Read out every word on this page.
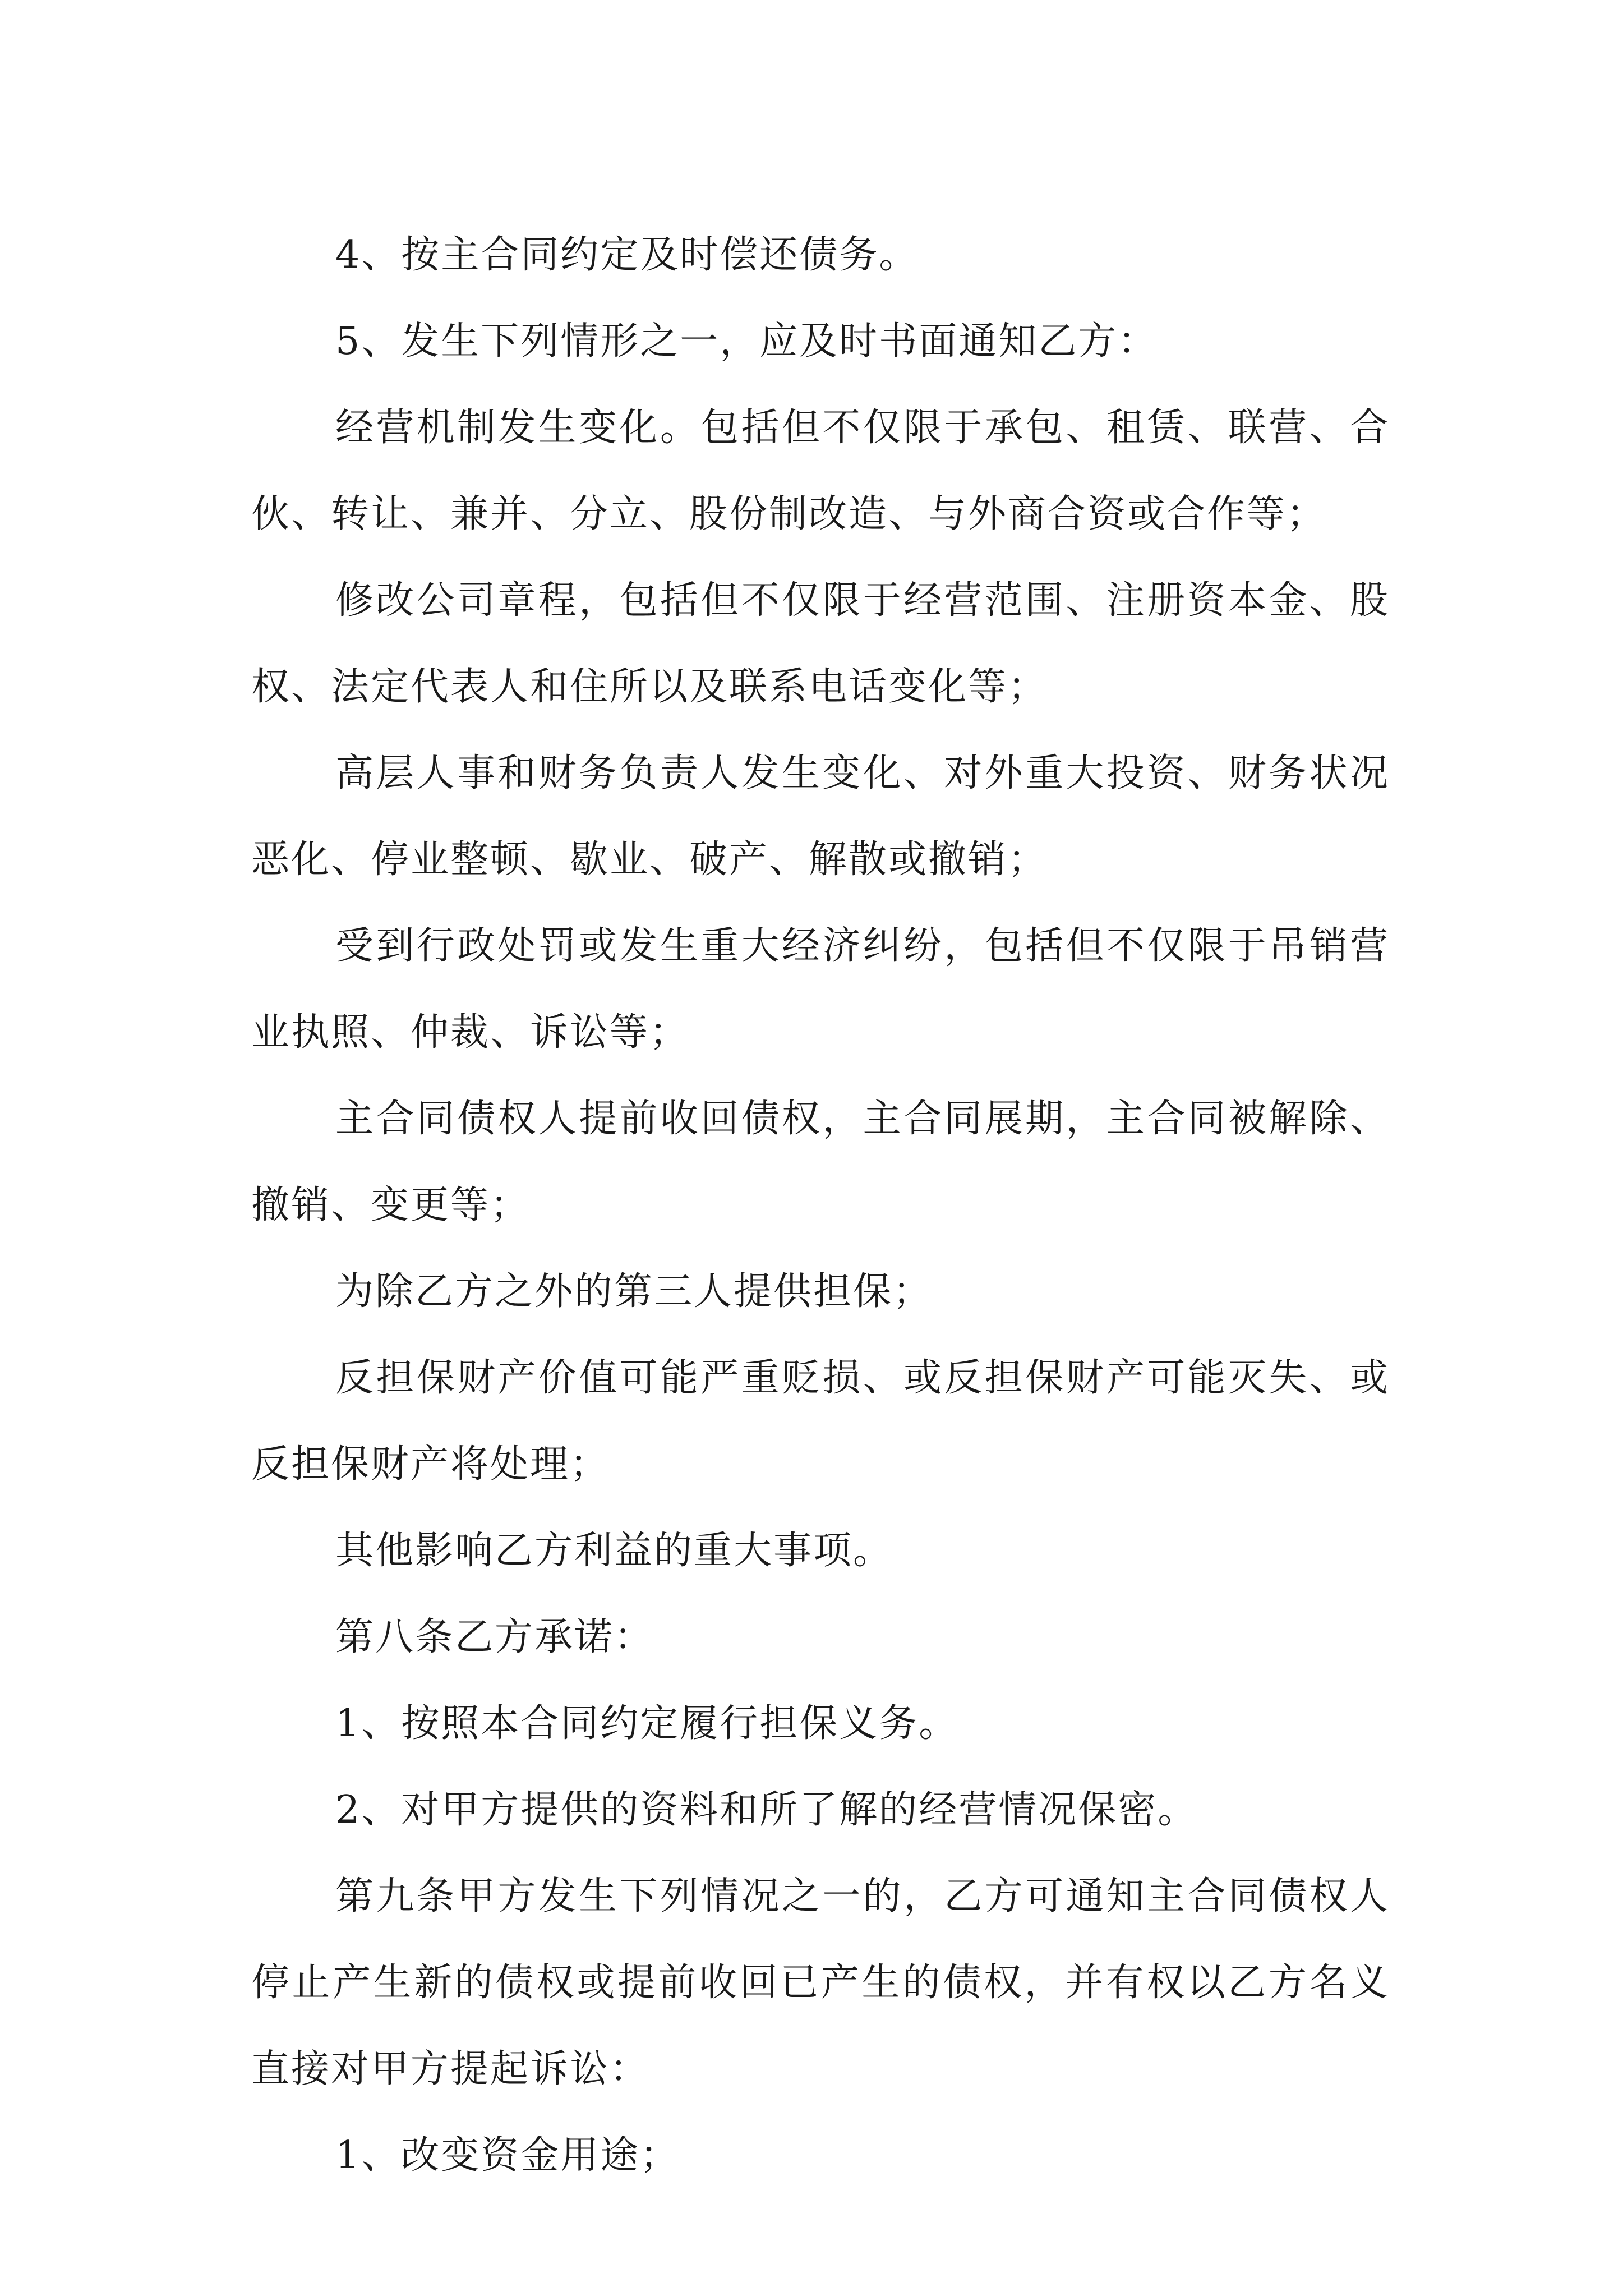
4、按主合同约定及时偿还债务。

5、发生下列情形之一，应及时书面通知乙方：

经营机制发生变化。包括但不仅限于承包、租赁、联营、合伙、转让、兼并、分立、股份制改造、与外商合资或合作等；

修改公司章程，包括但不仅限于经营范围、注册资本金、股权、法定代表人和住所以及联系电话变化等；

高层人事和财务负责人发生变化、对外重大投资、财务状况恶化、停业整顿、歇业、破产、解散或撤销；

受到行政处罚或发生重大经济纠纷，包括但不仅限于吊销营业执照、仲裁、诉讼等；

主合同债权人提前收回债权，主合同展期，主合同被解除、撤销、变更等；

为除乙方之外的第三人提供担保；

反担保财产价值可能严重贬损、或反担保财产可能灭失、或反担保财产将处理；

其他影响乙方利益的重大事项。

第八条乙方承诺：

1、按照本合同约定履行担保义务。

2、对甲方提供的资料和所了解的经营情况保密。

第九条甲方发生下列情况之一的，乙方可通知主合同债权人停止产生新的债权或提前收回已产生的债权，并有权以乙方名义直接对甲方提起诉讼：

1、改变资金用途；
